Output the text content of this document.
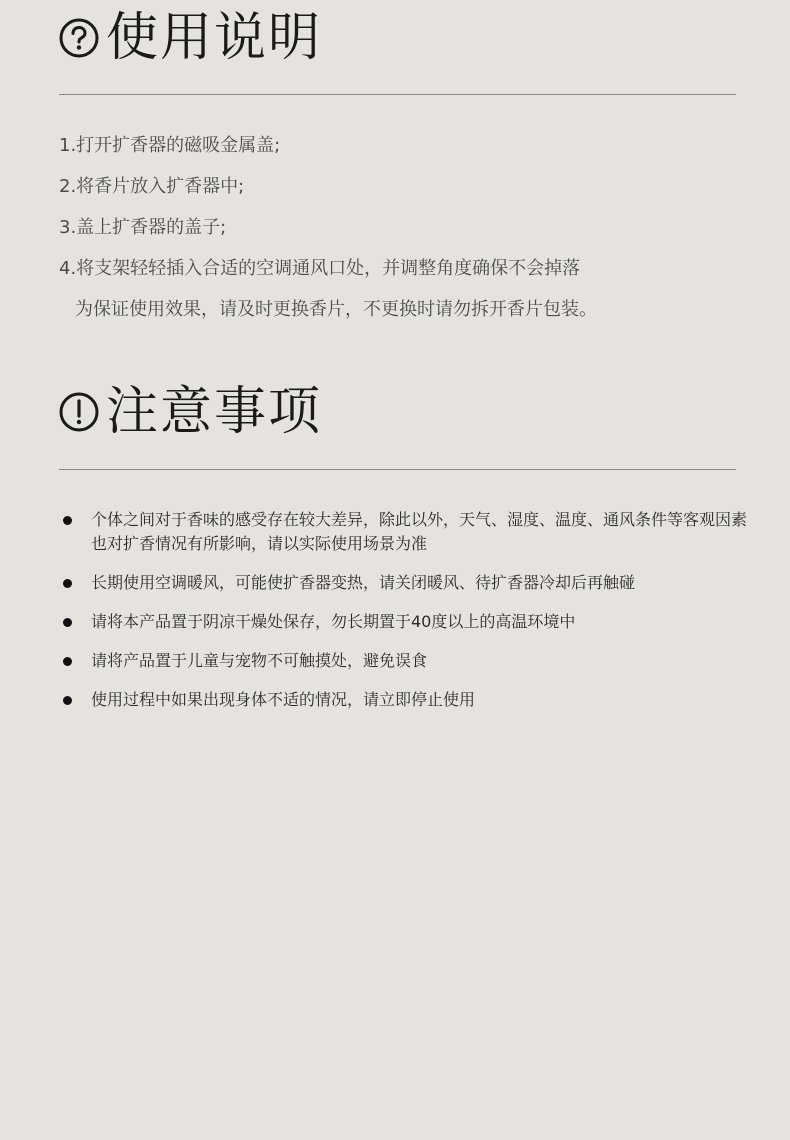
使用说明
1.打开扩香器的磁吸金属盖;
2.将香片放入扩香器中;
3.盖上扩香器的盖子;
4.将支架轻轻插入合适的空调通风口处，并调整角度确保不会掉落
为保证使用效果，请及时更换香片，不更换时请勿拆开香片包装。
注意事项
个体之间对于香味的感受存在较大差异，除此以外，天气、湿度、温度、通风条件等客观因素也对扩香情况有所影响，请以实际使用场景为准
长期使用空调暖风，可能使扩香器变热，请关闭暖风、待扩香器冷却后再触碰
请将本产品置于阴凉干燥处保存，勿长期置于40度以上的高温环境中
请将产品置于儿童与宠物不可触摸处，避免误食
使用过程中如果出现身体不适的情况，请立即停止使用
